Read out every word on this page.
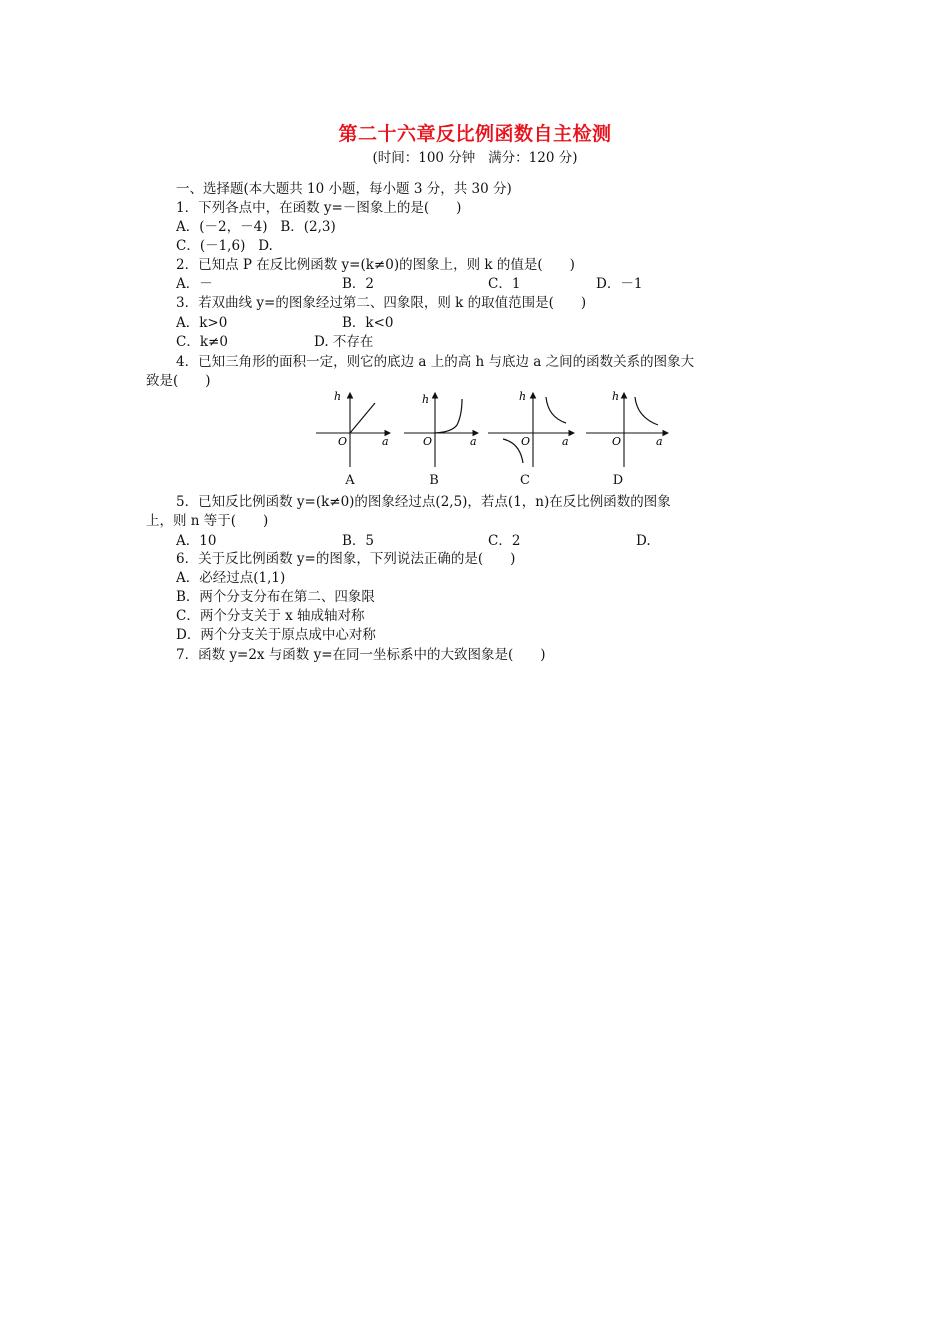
第二十六章反比例函数自主检测
(时间：100 分钟   满分：120 分)
一、选择题(本大题共 10 小题，每小题 3 分，共 30 分)
1．下列各点中，在函数 y=－图象上的是(　　)
A．(－2，－4)   B．(2,3)
C．(－1,6)   D.
2．已知点 P 在反比例函数 y=(k≠0)的图象上，则 k 的值是(　　)
A．－	B．2	C．1	D．－1
3．若双曲线 y=的图象经过第二、四象限，则 k 的取值范围是(　　)
A．k>0	B．k<0
C．k≠0	D. 不存在
4．已知三角形的面积一定，则它的底边 a 上的高 h 与底边 a 之间的函数关系的图象大
致是(　　)
h
a
O
h
a
O
h
a
O
h
a
O
A	B	C	D
5．已知反比例函数 y=(k≠0)的图象经过点(2,5)，若点(1，n)在反比例函数的图象
上，则 n 等于(　　)
A．10	B．5	C．2	D.
6．关于反比例函数 y=的图象，下列说法正确的是(　　)
A．必经过点(1,1)
B．两个分支分布在第二、四象限
C．两个分支关于 x 轴成轴对称
D．两个分支关于原点成中心对称
7．函数 y=2x 与函数 y=在同一坐标系中的大致图象是(　　)
